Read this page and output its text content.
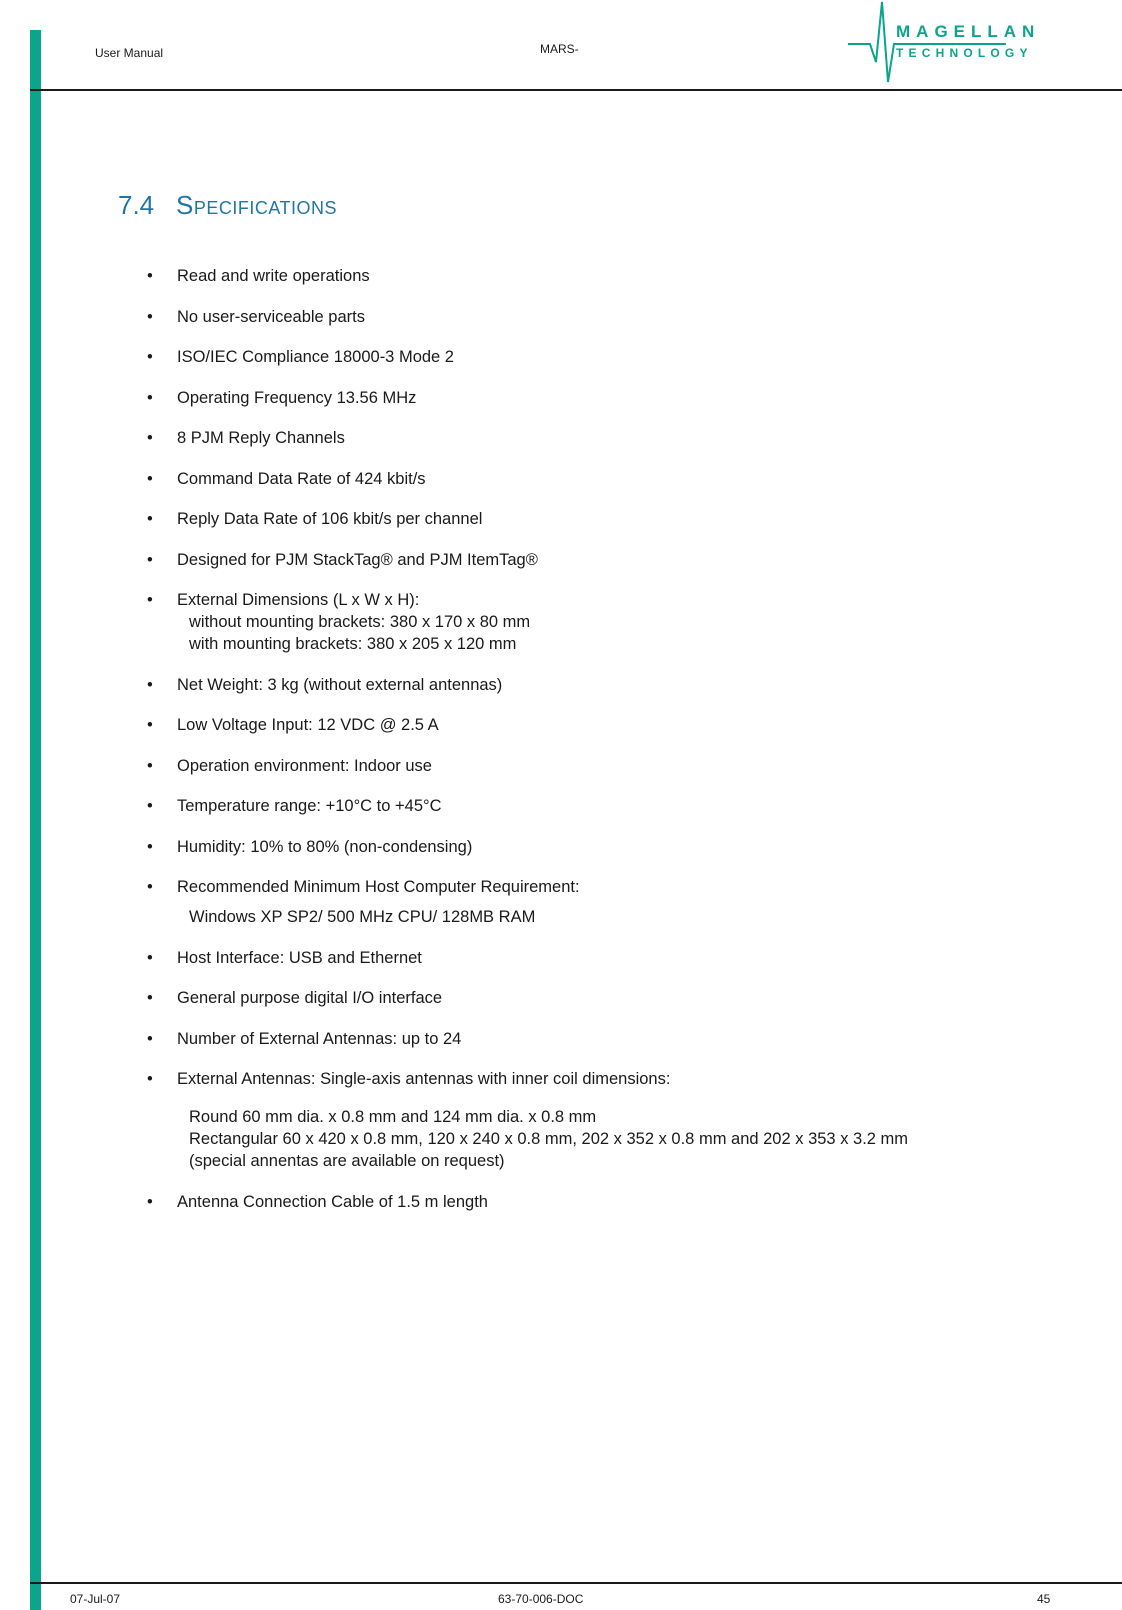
User Manual	MARS-
MAGELLAN
TECHNOLOGY
7.4 Specifications
• Read and write operations
• No user-serviceable parts
• ISO/IEC Compliance 18000-3 Mode 2
• Operating Frequency 13.56 MHz
• 8 PJM Reply Channels
• Command Data Rate of 424 kbit/s
• Reply Data Rate of 106 kbit/s per channel
• Designed for PJM StackTag® and PJM ItemTag®
• External Dimensions (L x W x H):
without mounting brackets: 380 x 170 x 80 mm
with mounting brackets: 380 x 205 x 120 mm
• Net Weight: 3 kg (without external antennas)
• Low Voltage Input: 12 VDC @ 2.5 A
• Operation environment: Indoor use
• Temperature range: +10°C to +45°C
• Humidity: 10% to 80% (non-condensing)
• Recommended Minimum Host Computer Requirement:
Windows XP SP2/ 500 MHz CPU/ 128MB RAM
• Host Interface: USB and Ethernet
• General purpose digital I/O interface
• Number of External Antennas: up to 24
• External Antennas: Single-axis antennas with inner coil dimensions:
Round 60 mm dia. x 0.8 mm and 124 mm dia. x 0.8 mm
Rectangular 60 x 420 x 0.8 mm, 120 x 240 x 0.8 mm, 202 x 352 x 0.8 mm and 202 x 353 x 3.2 mm
(special annentas are available on request)
• Antenna Connection Cable of 1.5 m length
07-Jul-07	63-70-006-DOC	45
